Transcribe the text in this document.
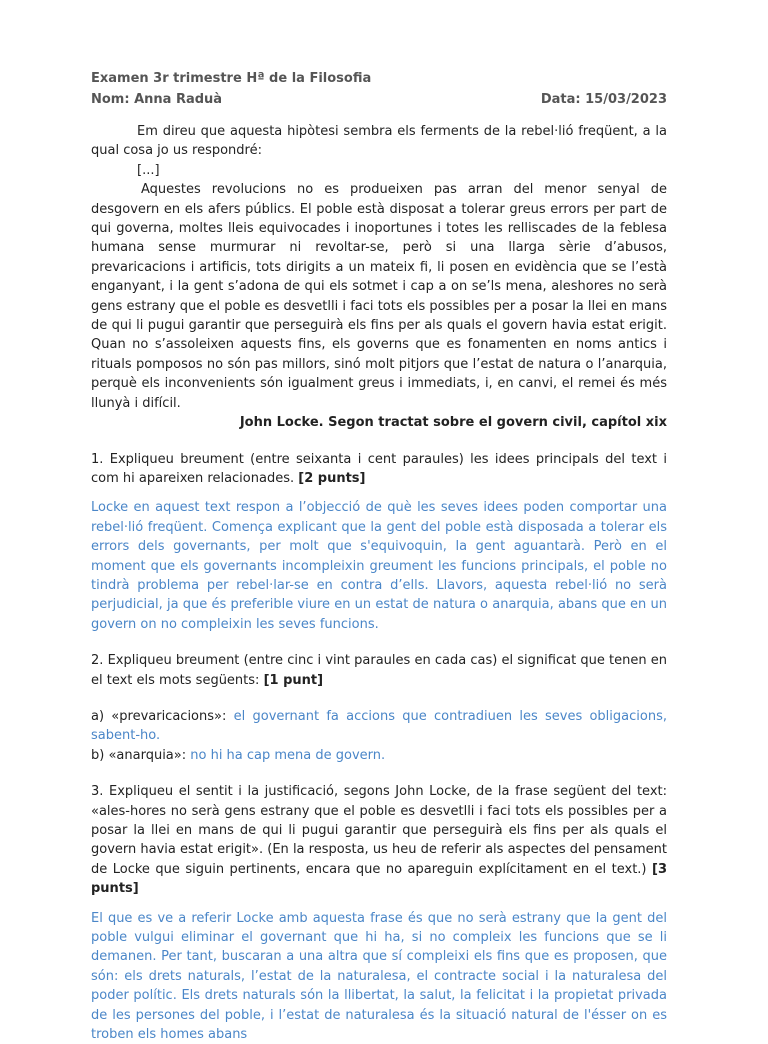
Examen 3r trimestre Hª de la Filosofia
Nom: Anna Raduà	Data: 15/03/2023

Em direu que aquesta hipòtesi sembra els ferments de la rebel·lió freqüent, a la qual cosa jo us respondré:

[...]

Aquestes revolucions no es produeixen pas arran del menor senyal de desgovern en els afers públics. El poble està disposat a tolerar greus errors per part de qui governa, moltes lleis equivocades i inoportunes i totes les relliscades de la feblesa humana sense murmurar ni revoltar-se, però si una llarga sèrie d’abusos, prevaricacions i artificis, tots dirigits a un mateix fi, li posen en evidència que se l’està enganyant, i la gent s’adona de qui els sotmet i cap a on se’ls mena, aleshores no serà gens estrany que el poble es desvetlli i faci tots els possibles per a posar la llei en mans de qui li pugui garantir que perseguirà els fins per als quals el govern havia estat erigit. Quan no s’assoleixen aquests fins, els governs que es fonamenten en noms antics i rituals pomposos no són pas millors, sinó molt pitjors que l’estat de natura o l’anarquia, perquè els inconvenients són igualment greus i immediats, i, en canvi, el remei és més llunyà i difícil.

John Locke. Segon tractat sobre el govern civil, capítol xix

1. Expliqueu breument (entre seixanta i cent paraules) les idees principals del text i com hi apareixen relacionades. [2 punts]

Locke en aquest text respon a l’objecció de què les seves idees poden comportar una rebel·lió freqüent. Comença explicant que la gent del poble està disposada a tolerar els errors dels governants, per molt que s'equivoquin, la gent aguantarà. Però en el moment que els governants incompleixin greument les funcions principals, el poble no tindrà problema per rebel·lar-se en contra d’ells. Llavors, aquesta rebel·lió no serà perjudicial, ja que és preferible viure en un estat de natura o anarquia, abans que en un govern on no compleixin les seves funcions.

2. Expliqueu breument (entre cinc i vint paraules en cada cas) el significat que tenen en el text els mots següents: [1 punt]

a) «prevaricacions»: el governant fa accions que contradiuen les seves obligacions, sabent-ho.

b) «anarquia»: no hi ha cap mena de govern.

3. Expliqueu el sentit i la justificació, segons John Locke, de la frase següent del text: «ales-hores no serà gens estrany que el poble es desvetlli i faci tots els possibles per a posar la llei en mans de qui li pugui garantir que perseguirà els fins per als quals el govern havia estat erigit». (En la resposta, us heu de referir als aspectes del pensament de Locke que siguin pertinents, encara que no apareguin explícitament en el text.) [3 punts]

El que es ve a referir Locke amb aquesta frase és que no serà estrany que la gent del poble vulgui eliminar el governant que hi ha, si no compleix les funcions que se li demanen. Per tant, buscaran a una altra que sí compleixi els fins que es proposen, que són: els drets naturals, l’estat de la naturalesa, el contracte social i la naturalesa del poder polític. Els drets naturals són la llibertat, la salut, la felicitat i la propietat privada de les persones del poble, i l’estat de naturalesa és la situació natural de l'ésser on es troben els homes abans
